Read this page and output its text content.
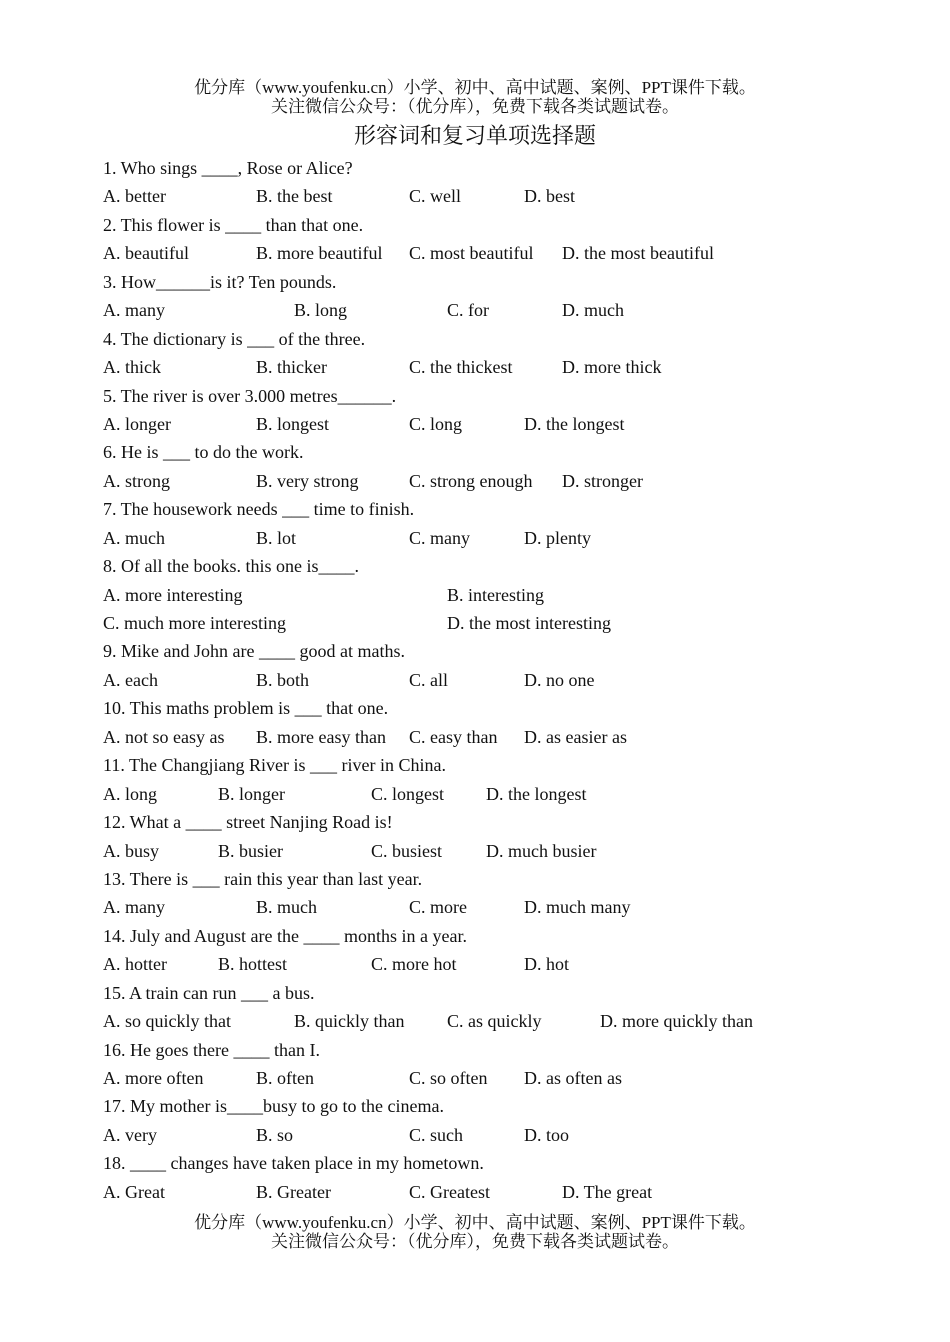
优分库（www.youfenku.cn）小学、初中、高中试题、案例、PPT课件下载。
关注微信公众号：（优分库），免费下载各类试题试卷。
形容词和复习单项选择题
1. Who sings ____, Rose or Alice?
A. better	B. the best	C. well	D. best
2. This flower is ____ than that one.
A. beautiful	B. more beautiful C. most beautiful D. the most beautiful
3. How______is it? Ten pounds.
A. many	B. long	C. for	D. much
4. The dictionary is ___ of the three.
A. thick	B. thicker	C. the thickest	D. more thick
5. The river is over 3.000 metres______.
A. longer	B. longest	C. long	D. the longest
6. He is ___ to do the work.
A. strong	B. very strong	C. strong enough D. stronger
7. The housework needs ___ time to finish.
A. much	B. lot	C. many	D. plenty
8. Of all the books. this one is____.
A. more interesting	B. interesting
C. much more interesting	D. the most interesting
9. Mike and John are ____ good at maths.
A. each	B. both	C. all	D. no one
10. This maths problem is ___ that one.
A. not so easy as B. more easy than C. easy than D. as easier as
11. The Changjiang River is ___ river in China.
A. long	B. longer	C. longest D. the longest
12. What a ____ street Nanjing Road is!
A. busy	B. busier	C. busiest D. much busier
13. There is ___ rain this year than last year.
A. many	B. much	C. more	D. much many
14. July and August are the ____ months in a year.
A. hotter	B. hottest	C. more hot	D. hot
15. A train can run ___ a bus.
A. so quickly that	B. quickly than C. as quickly	D. more quickly than
16. He goes there ____ than I.
A. more often	B. often	C. so often D. as often as
17. My mother is____busy to go to the cinema.
A. very	B. so	C. such	D. too
18. ____ changes have taken place in my hometown.
A. Great	B. Greater	C. Greatest	D. The great
优分库（www.youfenku.cn）小学、初中、高中试题、案例、PPT课件下载。
关注微信公众号：（优分库），免费下载各类试题试卷。
